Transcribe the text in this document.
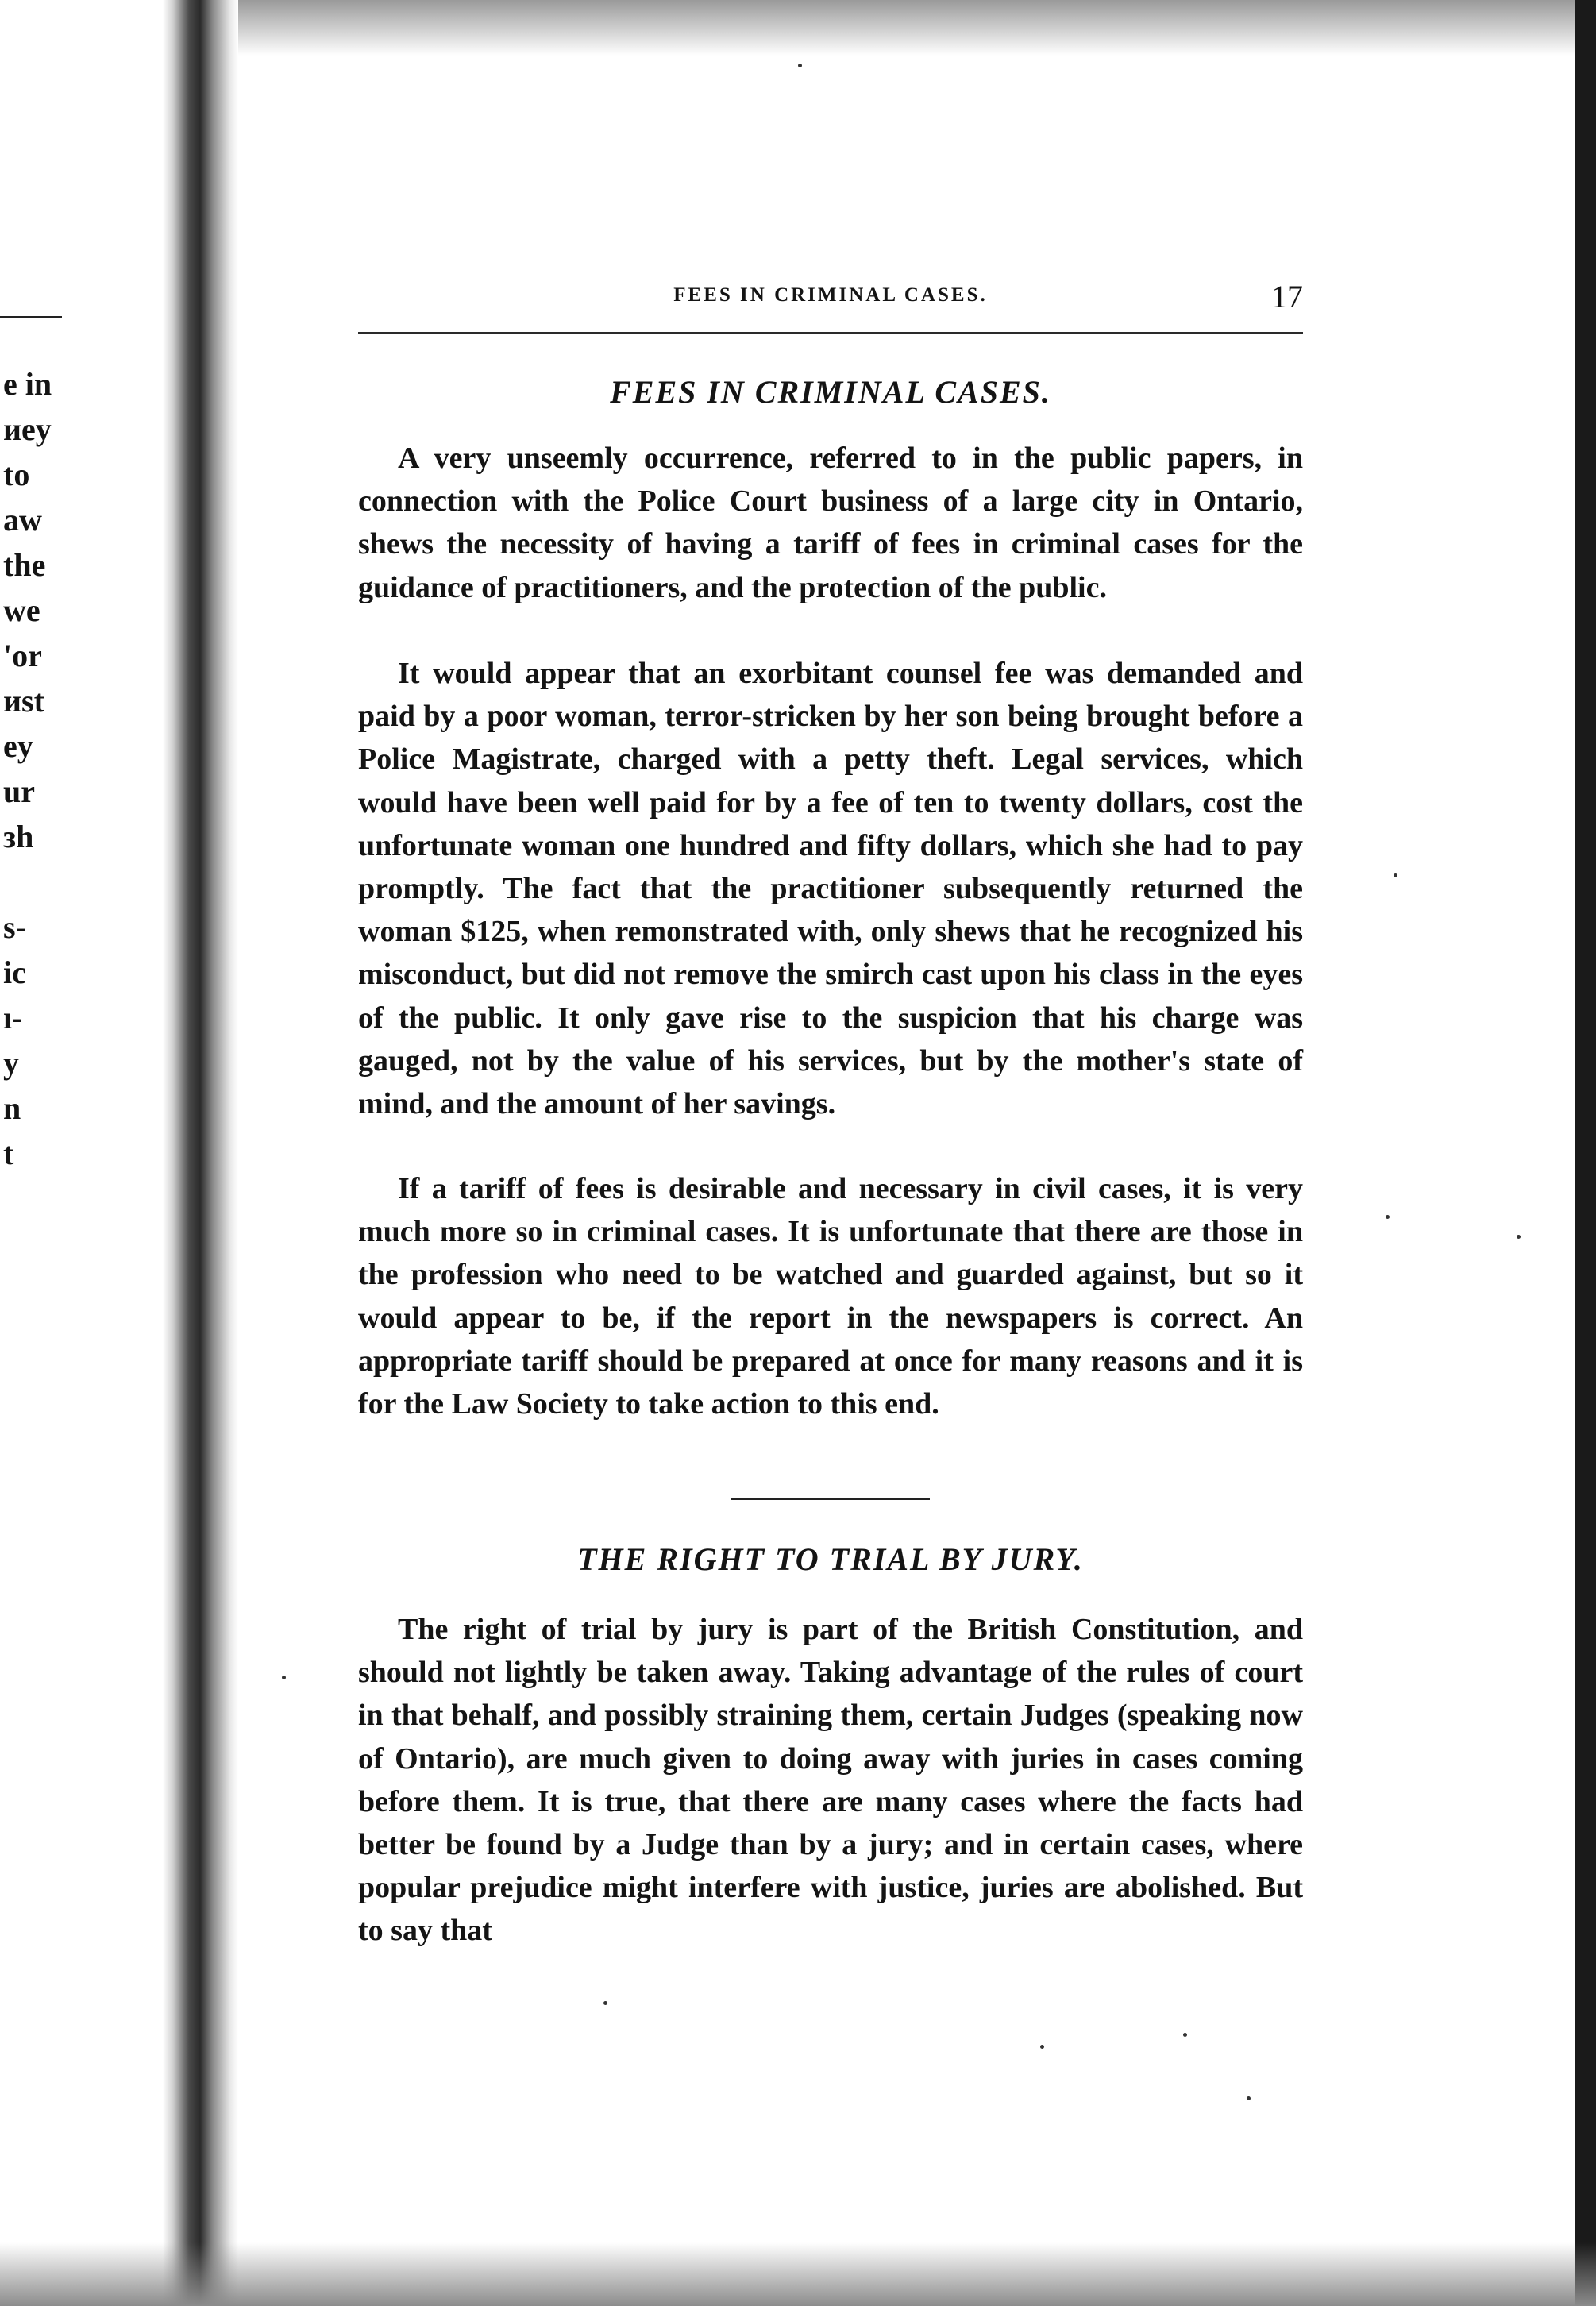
е in
иey
to
aw
the
we
'or
иst
ey
ur
зh
s-
ic
ı-
y
n
t
FEES IN CRIMINAL CASES.	17
FEES IN CRIMINAL CASES.

A very unseemly occurrence, referred to in the public papers, in connection with the Police Court business of a large city in Ontario, shews the necessity of having a tariff of fees in criminal cases for the guidance of practitioners, and the protection of the public.

It would appear that an exorbitant counsel fee was demanded and paid by a poor woman, terror-stricken by her son being brought before a Police Magistrate, charged with a petty theft. Legal services, which would have been well paid for by a fee of ten to twenty dollars, cost the unfortunate woman one hundred and fifty dollars, which she had to pay promptly. The fact that the practitioner subsequently returned the woman $125, when remonstrated with, only shews that he recognized his misconduct, but did not remove the smirch cast upon his class in the eyes of the public. It only gave rise to the suspicion that his charge was gauged, not by the value of his services, but by the mother's state of mind, and the amount of her savings.

If a tariff of fees is desirable and necessary in civil cases, it is very much more so in criminal cases. It is unfortunate that there are those in the profession who need to be watched and guarded against, but so it would appear to be, if the report in the newspapers is correct. An appropriate tariff should be prepared at once for many reasons and it is for the Law Society to take action to this end.

THE RIGHT TO TRIAL BY JURY.

The right of trial by jury is part of the British Constitution, and should not lightly be taken away. Taking advantage of the rules of court in that behalf, and possibly straining them, certain Judges (speaking now of Ontario), are much given to doing away with juries in cases coming before them. It is true, that there are many cases where the facts had better be found by a Judge than by a jury; and in certain cases, where popular prejudice might interfere with justice, juries are abolished. But to say that
